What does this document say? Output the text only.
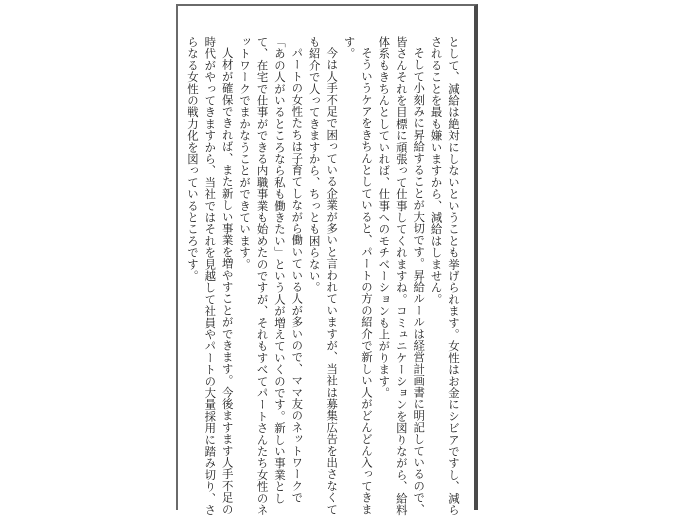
として、減給は絶対にしないということも挙げられます。女性はお金にシビアですし、減らされることを最も嫌いますから、減給はしません。

そして小刻みに昇給することが大切です。昇給ルールは経営計画書に明記しているので、皆さんそれを目標に頑張って仕事してくれますね。コミュニケーションを図りながら、給料体系もきちんとしていれば、仕事へのモチベーションも上がります。

そういうケアをきちんとしていると、パートの方の紹介で新しい人がどんどん入ってきます。

今は人手不足で困っている企業が多いと言われていますが、当社は募集広告を出さなくても紹介で人ってきますから、ちっとも困らない。

パートの女性たちは子育てしながら働いている人が多いので、ママ友のネットワークで「あの人がいるところなら私も働きたい」という人が増えていくのです。新しい事業として、在宅で仕事ができる内職事業も始めたのですが、それもすべてパートさんたち女性のネットワークでまかなうことができています。

人材が確保できれば、また新しい事業を増やすことができます。今後ますます人手不足の時代がやってきますから、当社ではそれを見越して社員やパートの大量採用に踏み切り、さらなる女性の戦力化を図っているところです。
